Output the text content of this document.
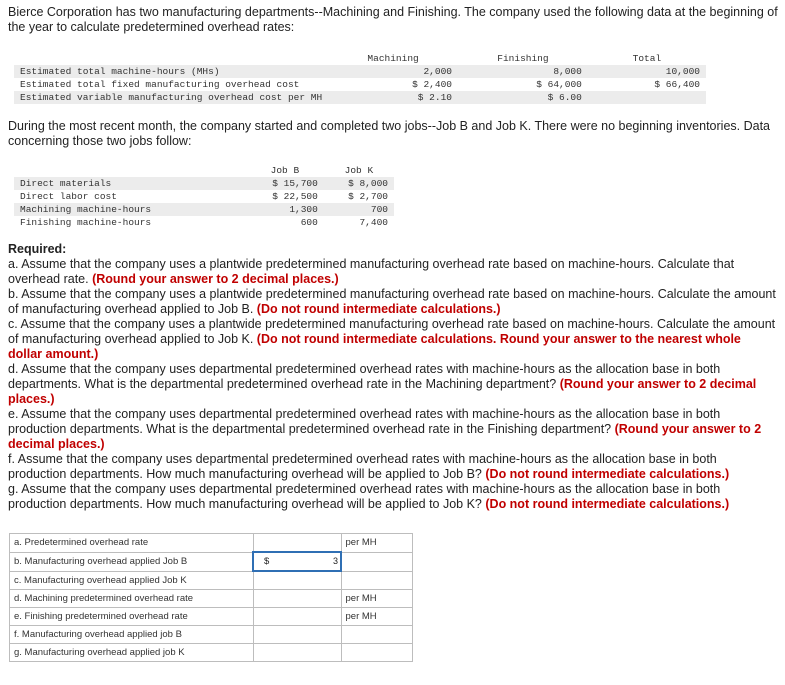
Bierce Corporation has two manufacturing departments--Machining and Finishing. The company used the following data at the beginning of the year to calculate predetermined overhead rates:

	Machining	Finishing	Total
Estimated total machine-hours (MHs)	2,000	8,000	10,000
Estimated total fixed manufacturing overhead cost	$ 2,400	$ 64,000	$ 66,400
Estimated variable manufacturing overhead cost per MH	$ 2.10	$ 6.00	

During the most recent month, the company started and completed two jobs--Job B and Job K. There were no beginning inventories. Data concerning those two jobs follow:

	Job B	Job K
Direct materials	$ 15,700	$ 8,000
Direct labor cost	$ 22,500	$ 2,700
Machining machine-hours	1,300	700
Finishing machine-hours	600	7,400
Required:
a. Assume that the company uses a plantwide predetermined manufacturing overhead rate based on machine-hours. Calculate that overhead rate. (Round your answer to 2 decimal places.)
b. Assume that the company uses a plantwide predetermined manufacturing overhead rate based on machine-hours. Calculate the amount of manufacturing overhead applied to Job B. (Do not round intermediate calculations.)
c. Assume that the company uses a plantwide predetermined manufacturing overhead rate based on machine-hours. Calculate the amount of manufacturing overhead applied to Job K. (Do not round intermediate calculations. Round your answer to the nearest whole dollar amount.)
d. Assume that the company uses departmental predetermined overhead rates with machine-hours as the allocation base in both departments. What is the departmental predetermined overhead rate in the Machining department? (Round your answer to 2 decimal places.)
e. Assume that the company uses departmental predetermined overhead rates with machine-hours as the allocation base in both production departments. What is the departmental predetermined overhead rate in the Finishing department? (Round your answer to 2 decimal places.)
f. Assume that the company uses departmental predetermined overhead rates with machine-hours as the allocation base in both production departments. How much manufacturing overhead will be applied to Job B? (Do not round intermediate calculations.)
g. Assume that the company uses departmental predetermined overhead rates with machine-hours as the allocation base in both production departments. How much manufacturing overhead will be applied to Job K? (Do not round intermediate calculations.)
a. Predetermined overhead rate		per MH
b. Manufacturing overhead applied Job B	$ 3	

c. Manufacturing overhead applied Job K	

d. Machining predetermined overhead rate		per MH
e. Finishing predetermined overhead rate		per MH
f. Manufacturing overhead applied job B	

g. Manufacturing overhead applied job K	
